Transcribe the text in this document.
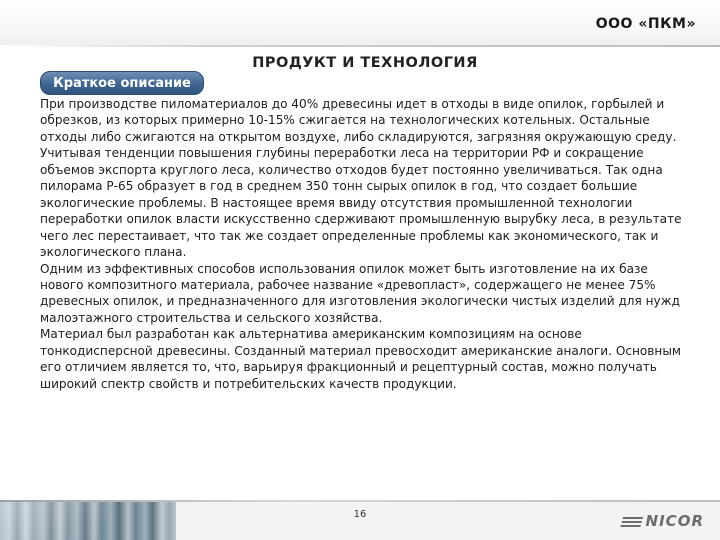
ООО «ПКМ»
ПРОДУКТ И ТЕХНОЛОГИЯ
Краткое описание

При производстве пиломатериалов до 40% древесины идет в отходы в виде опилок, горбылей и обрезков, из которых примерно 10-15% сжигается на технологических котельных. Остальные отходы либо сжигаются на открытом воздухе, либо складируются, загрязняя окружающую среду.

Учитывая тенденции повышения глубины переработки леса на территории РФ и сокращение объемов экспорта круглого леса, количество отходов будет постоянно увеличиваться. Так одна пилорама Р-65 образует в год в среднем 350 тонн сырых опилок в год, что создает большие экологические проблемы. В настоящее время ввиду отсутствия промышленной технологии переработки опилок власти искусственно сдерживают промышленную вырубку леса, в результате чего лес перестаивает, что так же создает определенные проблемы как экономического, так и экологического плана.

Одним из эффективных способов использования опилок может быть изготовление на их базе нового композитного материала, рабочее название «древопласт», содержащего не менее 75% древесных опилок, и предназначенного для изготовления экологически чистых изделий для нужд малоэтажного строительства и сельского хозяйства.

Материал был разработан как альтернатива американским композициям на основе тонкодисперсной древесины. Созданный материал превосходит американские аналоги. Основным его отличием является то, что, варьируя фракционный и рецептурный состав, можно получать широкий спектр свойств и потребительских качеств продукции.

16	NICOR
